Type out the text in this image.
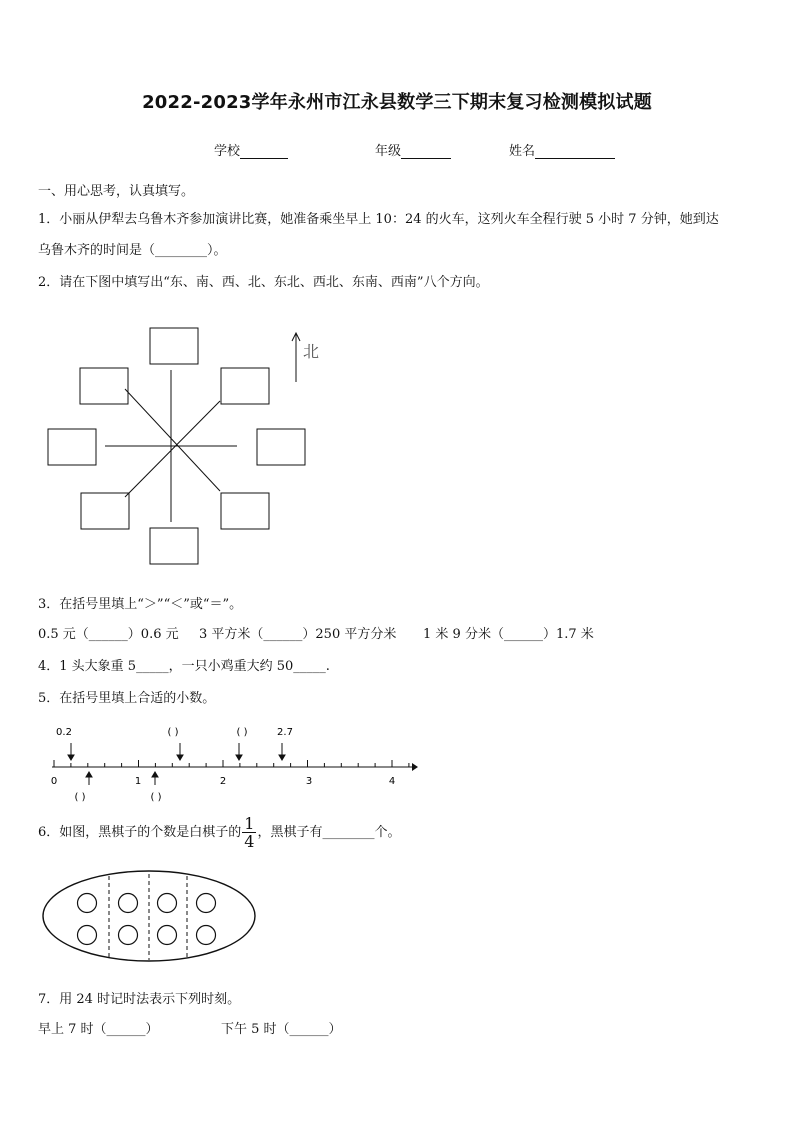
2022-2023学年永州市江永县数学三下期末复习检测模拟试题
学校	年级	姓名
一、用心思考，认真填写。
1．小丽从伊犁去乌鲁木齐参加演讲比赛，她准备乘坐早上 10：24 的火车，这列火车全程行驶 5 小时 7 分钟，她到达
乌鲁木齐的时间是（________）。
2．请在下图中填写出“东、南、西、北、东北、西北、东南、西南”八个方向。
北
3．在括号里填上“＞”“＜”或“＝”。
0.5 元（______）0.6 元 3 平方米（______）250 平方分米 1 米 9 分米（______）1.7 米
4．1 头大象重 5_____，一只小鸡重大约 50_____.
5．在括号里填上合适的小数。
0.2	( )	( )	2.7
0	1	2	3	4
( )	( )
6．如图，黑棋子的个数是白棋子的 $\frac{1}{4}$ ，黑棋子有________个。
7．用 24 时记时法表示下列时刻。
早上 7 时（______）	下午 5 时（______）
